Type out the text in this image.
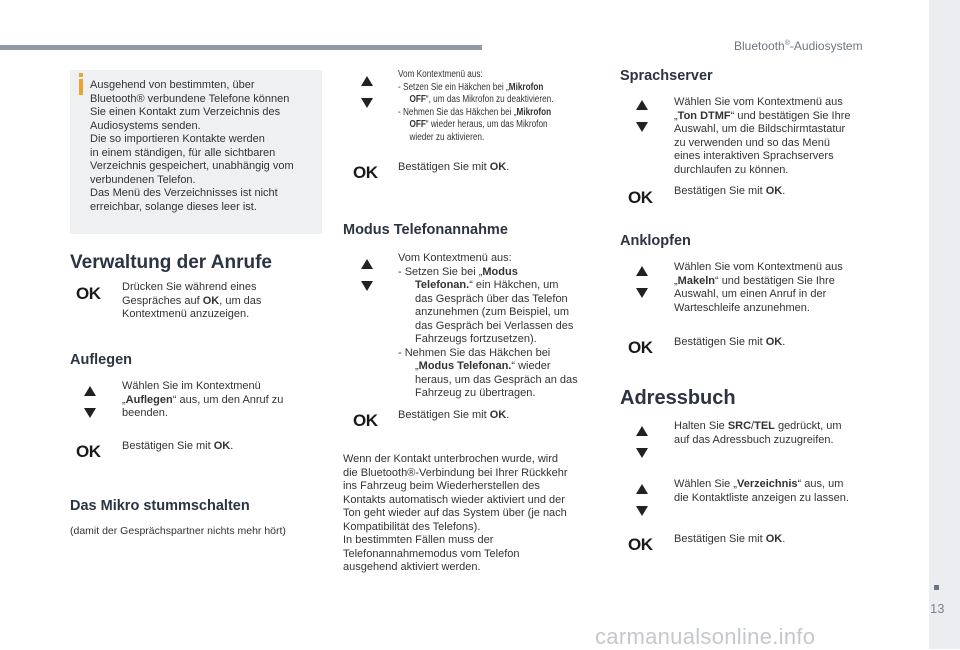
Bluetooth®-Audiosystem
13
carmanualsonline.info

Ausgehend von bestimmten, über
Bluetooth® verbundene Telefone können
Sie einen Kontakt zum Verzeichnis des
Audiosystems senden.
Die so importieren Kontakte werden
in einem ständigen, für alle sichtbaren
Verzeichnis gespeichert, unabhängig vom
verbundenen Telefon.
Das Menü des Verzeichnisses ist nicht
erreichbar, solange dieses leer ist.

Verwaltung der Anrufe
OK Drücken Sie während eines
Gespräches auf OK, um das
Kontextmenü anzuzeigen.
Auflegen
Wählen Sie im Kontextmenü
„Auflegen“ aus, um den Anruf zu
beenden.
OK Bestätigen Sie mit OK.
Das Mikro stummschalten
(damit der Gesprächspartner nichts mehr hört)
Vom Kontextmenü aus:
- Setzen Sie ein Häkchen bei „Mikrofon
OFF“, um das Mikrofon zu deaktivieren.
- Nehmen Sie das Häkchen bei „Mikrofon
OFF“ wieder heraus, um das Mikrofon
wieder zu aktivieren.
OK Bestätigen Sie mit OK.
Modus Telefonannahme
Vom Kontextmenü aus:
- Setzen Sie bei „Modus
Telefonan.“ ein Häkchen, um
das Gespräch über das Telefon
anzunehmen (zum Beispiel, um
das Gespräch bei Verlassen des
Fahrzeugs fortzusetzen).
- Nehmen Sie das Häkchen bei
„Modus Telefonan.“ wieder
heraus, um das Gespräch an das
Fahrzeug zu übertragen.
OK Bestätigen Sie mit OK.
Wenn der Kontakt unterbrochen wurde, wird
die Bluetooth®-Verbindung bei Ihrer Rückkehr
ins Fahrzeug beim Wiederherstellen des
Kontakts automatisch wieder aktiviert und der
Ton geht wieder auf das System über (je nach
Kompatibilität des Telefons).
In bestimmten Fällen muss der
Telefonannahmemodus vom Telefon
ausgehend aktiviert werden.
Sprachserver
Wählen Sie vom Kontextmenü aus
„Ton DTMF“ und bestätigen Sie Ihre
Auswahl, um die Bildschirmtastatur
zu verwenden und so das Menü
eines interaktiven Sprachservers
durchlaufen zu können.
OK Bestätigen Sie mit OK.
Anklopfen
Wählen Sie vom Kontextmenü aus
„Makeln“ und bestätigen Sie Ihre
Auswahl, um einen Anruf in der
Warteschleife anzunehmen.
OK Bestätigen Sie mit OK.
Adressbuch
Halten Sie SRC/TEL gedrückt, um
auf das Adressbuch zuzugreifen.
Wählen Sie „Verzeichnis“ aus, um
die Kontaktliste anzeigen zu lassen.
OK Bestätigen Sie mit OK.
